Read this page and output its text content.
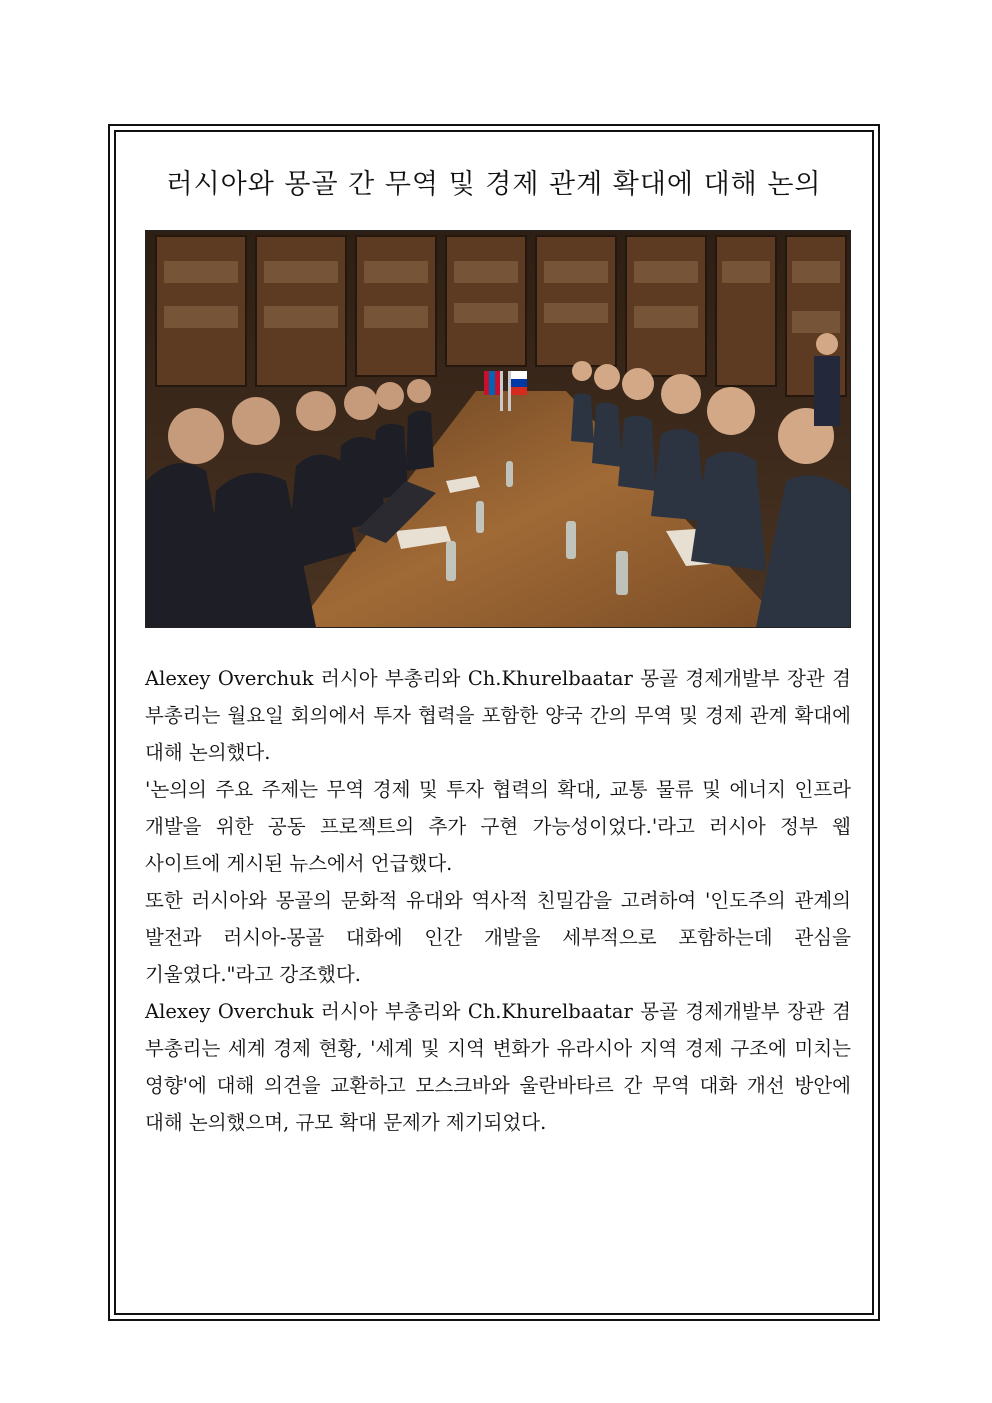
러시아와 몽골 간 무역 및 경제 관계 확대에 대해 논의

Alexey Overchuk 러시아 부총리와 Ch.Khurelbaatar 몽골 경제개발부 장관 겸 부총리는 월요일 회의에서 투자 협력을 포함한 양국 간의 무역 및 경제 관계 확대에 대해 논의했다.

'논의의 주요 주제는 무역 경제 및 투자 협력의 확대, 교통 물류 및 에너지 인프라 개발을 위한 공동 프로젝트의 추가 구현 가능성이었다.'라고 러시아 정부 웹 사이트에 게시된 뉴스에서 언급했다.

또한 러시아와 몽골의 문화적 유대와 역사적 친밀감을 고려하여 '인도주의 관계의 발전과 러시아-몽골 대화에 인간 개발을 세부적으로 포함하는데 관심을 기울였다."라고 강조했다.

Alexey Overchuk 러시아 부총리와 Ch.Khurelbaatar 몽골 경제개발부 장관 겸 부총리는 세계 경제 현황, '세계 및 지역 변화가 유라시아 지역 경제 구조에 미치는 영향'에 대해 의견을 교환하고 모스크바와 울란바타르 간 무역 대화 개선 방안에 대해 논의했으며, 규모 확대 문제가 제기되었다.
